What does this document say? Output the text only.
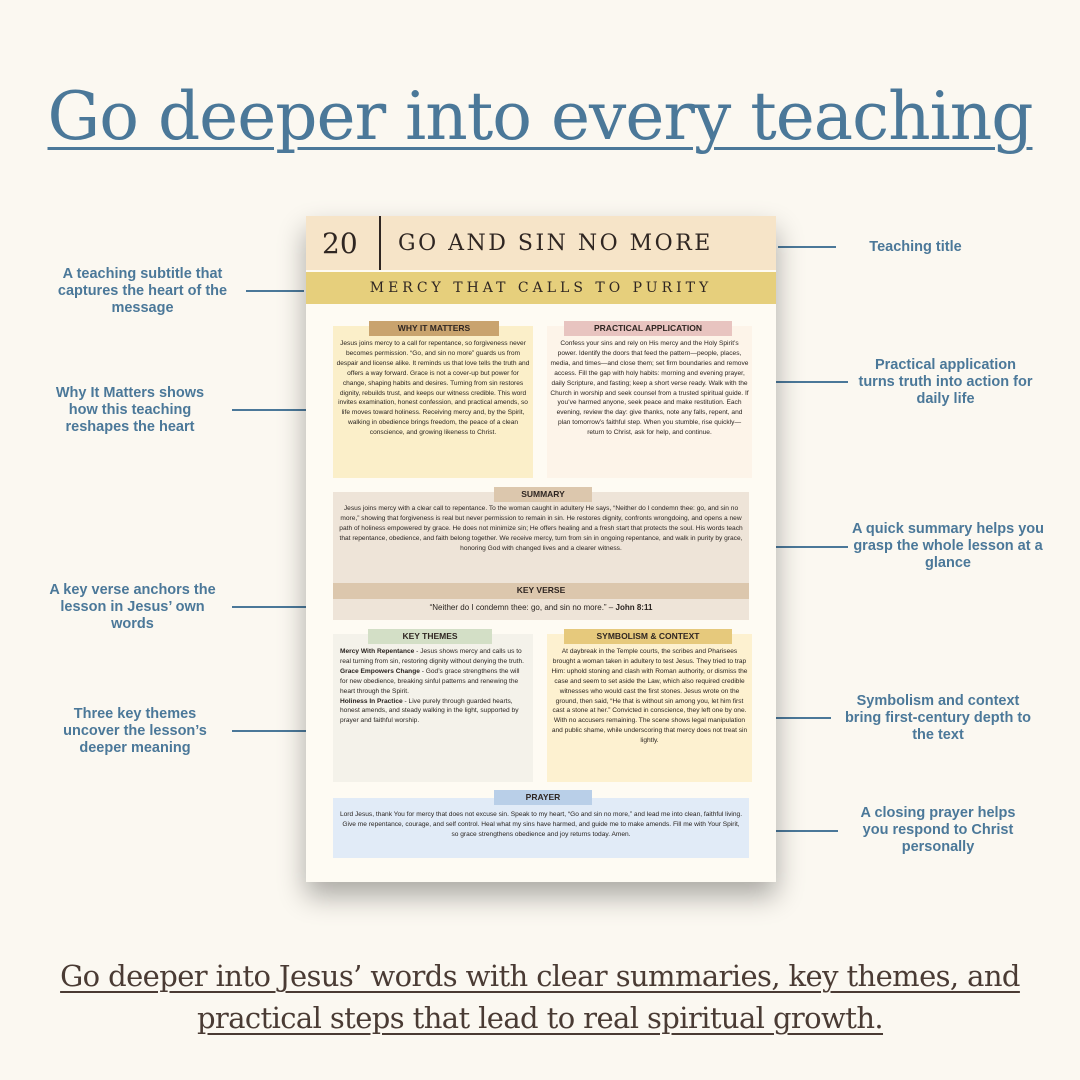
Go deeper into every teaching
A teaching subtitle that captures the heart of the message
Why It Matters shows how this teaching reshapes the heart
A key verse anchors the lesson in Jesus’ own words
Three key themes uncover the lesson’s deeper meaning
Teaching title
Practical application turns truth into action for daily life
A quick summary helps you grasp the whole lesson at a glance
Symbolism and context bring first-century depth to the text
A closing prayer helps you respond to Christ personally
20 GO AND SIN NO MORE
MERCY THAT CALLS TO PURITY
WHY IT MATTERS
Jesus joins mercy to a call for repentance, so forgiveness never becomes permission. “Go, and sin no more” guards us from despair and license alike. It reminds us that love tells the truth and offers a way forward. Grace is not a cover-up but power for change, shaping habits and desires. Turning from sin restores dignity, rebuilds trust, and keeps our witness credible. This word invites examination, honest confession, and practical amends, so life moves toward holiness. Receiving mercy and, by the Spirit, walking in obedience brings freedom, the peace of a clean conscience, and growing likeness to Christ.
PRACTICAL APPLICATION
Confess your sins and rely on His mercy and the Holy Spirit’s power. Identify the doors that feed the pattern—people, places, media, and times—and close them; set firm boundaries and remove access. Fill the gap with holy habits: morning and evening prayer, daily Scripture, and fasting; keep a short verse ready. Walk with the Church in worship and seek counsel from a trusted spiritual guide. If you’ve harmed anyone, seek peace and make restitution. Each evening, review the day: give thanks, note any falls, repent, and plan tomorrow’s faithful step. When you stumble, rise quickly—return to Christ, ask for help, and continue.
SUMMARY
Jesus joins mercy with a clear call to repentance. To the woman caught in adultery He says, “Neither do I condemn thee: go, and sin no more,” showing that forgiveness is real but never permission to remain in sin. He restores dignity, confronts wrongdoing, and opens a new path of holiness empowered by grace. He does not minimize sin; He offers healing and a fresh start that protects the soul. His words teach that repentance, obedience, and faith belong together. We receive mercy, turn from sin in ongoing repentance, and walk in purity by grace, honoring God with changed lives and a clearer witness.
KEY VERSE
“Neither do I condemn thee: go, and sin no more.” – John 8:11
KEY THEMES
Mercy With Repentance - Jesus shows mercy and calls us to real turning from sin, restoring dignity without denying the truth.
Grace Empowers Change - God’s grace strengthens the will for new obedience, breaking sinful patterns and renewing the heart through the Spirit.
Holiness In Practice - Live purely through guarded hearts, honest amends, and steady walking in the light, supported by prayer and faithful worship.
SYMBOLISM & CONTEXT
At daybreak in the Temple courts, the scribes and Pharisees brought a woman taken in adultery to test Jesus. They tried to trap Him: uphold stoning and clash with Roman authority, or dismiss the case and seem to set aside the Law, which also required credible witnesses who would cast the first stones. Jesus wrote on the ground, then said, “He that is without sin among you, let him first cast a stone at her.” Convicted in conscience, they left one by one. With no accusers remaining. The scene shows legal manipulation and public shame, while underscoring that mercy does not treat sin lightly.
PRAYER
Lord Jesus, thank You for mercy that does not excuse sin. Speak to my heart, “Go and sin no more,” and lead me into clean, faithful living. Give me repentance, courage, and self control. Heal what my sins have harmed, and guide me to make amends. Fill me with Your Spirit, so grace strengthens obedience and joy returns today. Amen.
Go deeper into Jesus’ words with clear summaries, key themes, and practical steps that lead to real spiritual growth.
